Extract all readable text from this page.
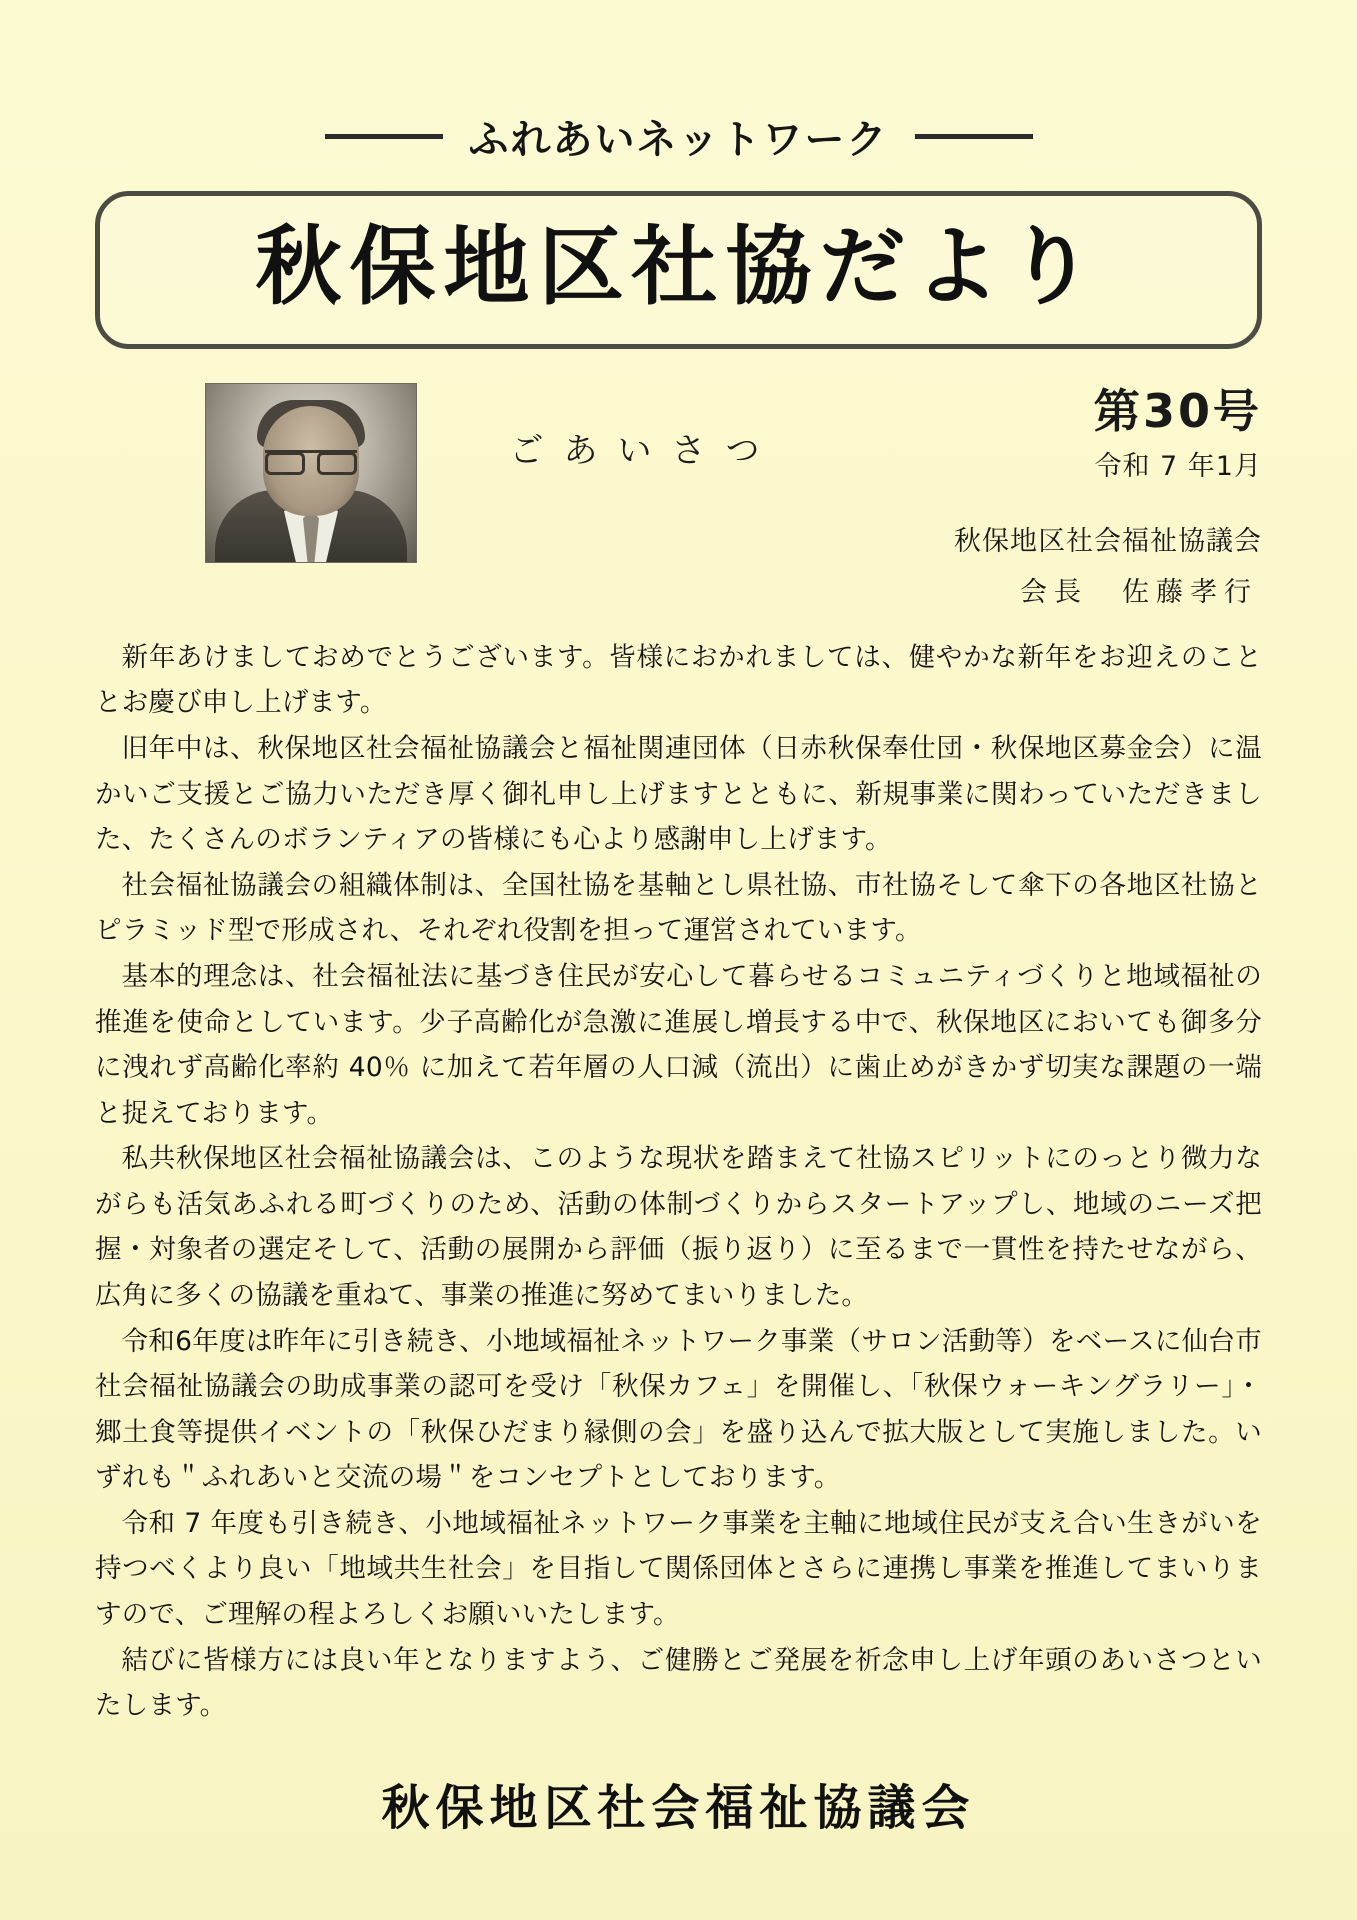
ふれあいネットワーク
秋保地区社協だより
ごあいさつ
第30号
令和 7 年1月
秋保地区社会福祉協議会
会長　佐藤孝行

新年あけましておめでとうございます。皆様におかれましては、健やかな新年をお迎えのこととお慶び申し上げます。

旧年中は、秋保地区社会福祉協議会と福祉関連団体（日赤秋保奉仕団・秋保地区募金会）に温かいご支援とご協力いただき厚く御礼申し上げますとともに、新規事業に関わっていただきました、たくさんのボランティアの皆様にも心より感謝申し上げます。

社会福祉協議会の組織体制は、全国社協を基軸とし県社協、市社協そして傘下の各地区社協とピラミッド型で形成され、それぞれ役割を担って運営されています。

基本的理念は、社会福祉法に基づき住民が安心して暮らせるコミュニティづくりと地域福祉の推進を使命としています。少子高齢化が急激に進展し増長する中で、秋保地区においても御多分に洩れず高齢化率約 40％ に加えて若年層の人口減（流出）に歯止めがきかず切実な課題の一端と捉えております。

私共秋保地区社会福祉協議会は、このような現状を踏まえて社協スピリットにのっとり微力ながらも活気あふれる町づくりのため、活動の体制づくりからスタートアップし、地域のニーズ把握・対象者の選定そして、活動の展開から評価（振り返り）に至るまで一貫性を持たせながら、広角に多くの協議を重ねて、事業の推進に努めてまいりました。

令和6年度は昨年に引き続き、小地域福祉ネットワーク事業（サロン活動等）をベースに仙台市社会福祉協議会の助成事業の認可を受け「秋保カフェ」を開催し、「秋保ウォーキングラリー」・郷土食等提供イベントの「秋保ひだまり縁側の会」を盛り込んで拡大版として実施しました。いずれも＂ふれあいと交流の場＂をコンセプトとしております。

令和 7 年度も引き続き、小地域福祉ネットワーク事業を主軸に地域住民が支え合い生きがいを持つべくより良い「地域共生社会」を目指して関係団体とさらに連携し事業を推進してまいりますので、ご理解の程よろしくお願いいたします。

結びに皆様方には良い年となりますよう、ご健勝とご発展を祈念申し上げ年頭のあいさつといたします。

秋保地区社会福祉協議会
